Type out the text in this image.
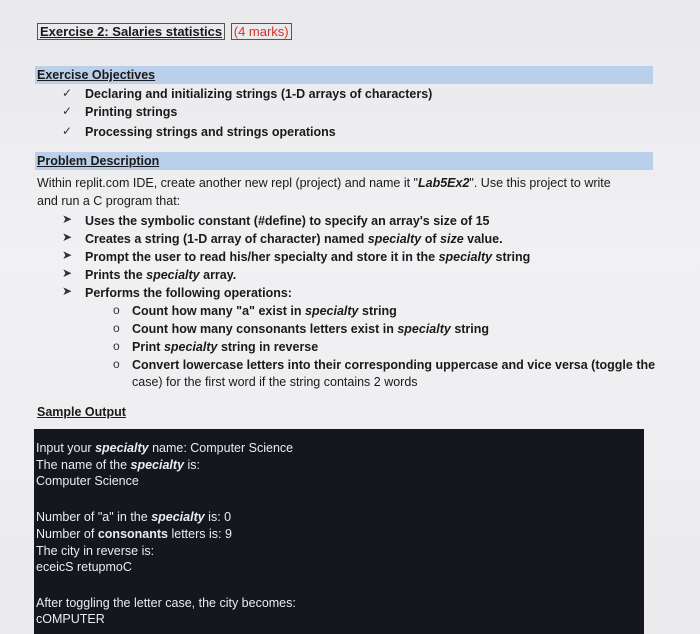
Exercise 2: Salaries statistics (4 marks)
Exercise Objectives
✓ Declaring and initializing strings (1-D arrays of characters)
✓ Printing strings
✓ Processing strings and strings operations
Problem Description
Within replit.com IDE, create another new repl (project) and name it "Lab5Ex2". Use this project to write
and run a C program that:
➤ Uses the symbolic constant (#define) to specify an array's size of 15
➤ Creates a string (1-D array of character) named specialty of size value.
➤ Prompt the user to read his/her specialty and store it in the specialty string
➤ Prints the specialty array.
➤ Performs the following operations:
o Count how many "a" exist in specialty string
o Count how many consonants letters exist in specialty string
o Print specialty string in reverse
o Convert lowercase letters into their corresponding uppercase and vice versa (toggle the
case) for the first word if the string contains 2 words
Sample Output
Input your specialty name: Computer Science
The name of the specialty is:
Computer Science
Number of "a" in the specialty is: 0
Number of consonants letters is: 9
The city in reverse is:
eceicS retupmoC
After toggling the letter case, the city becomes:
cOMPUTER
